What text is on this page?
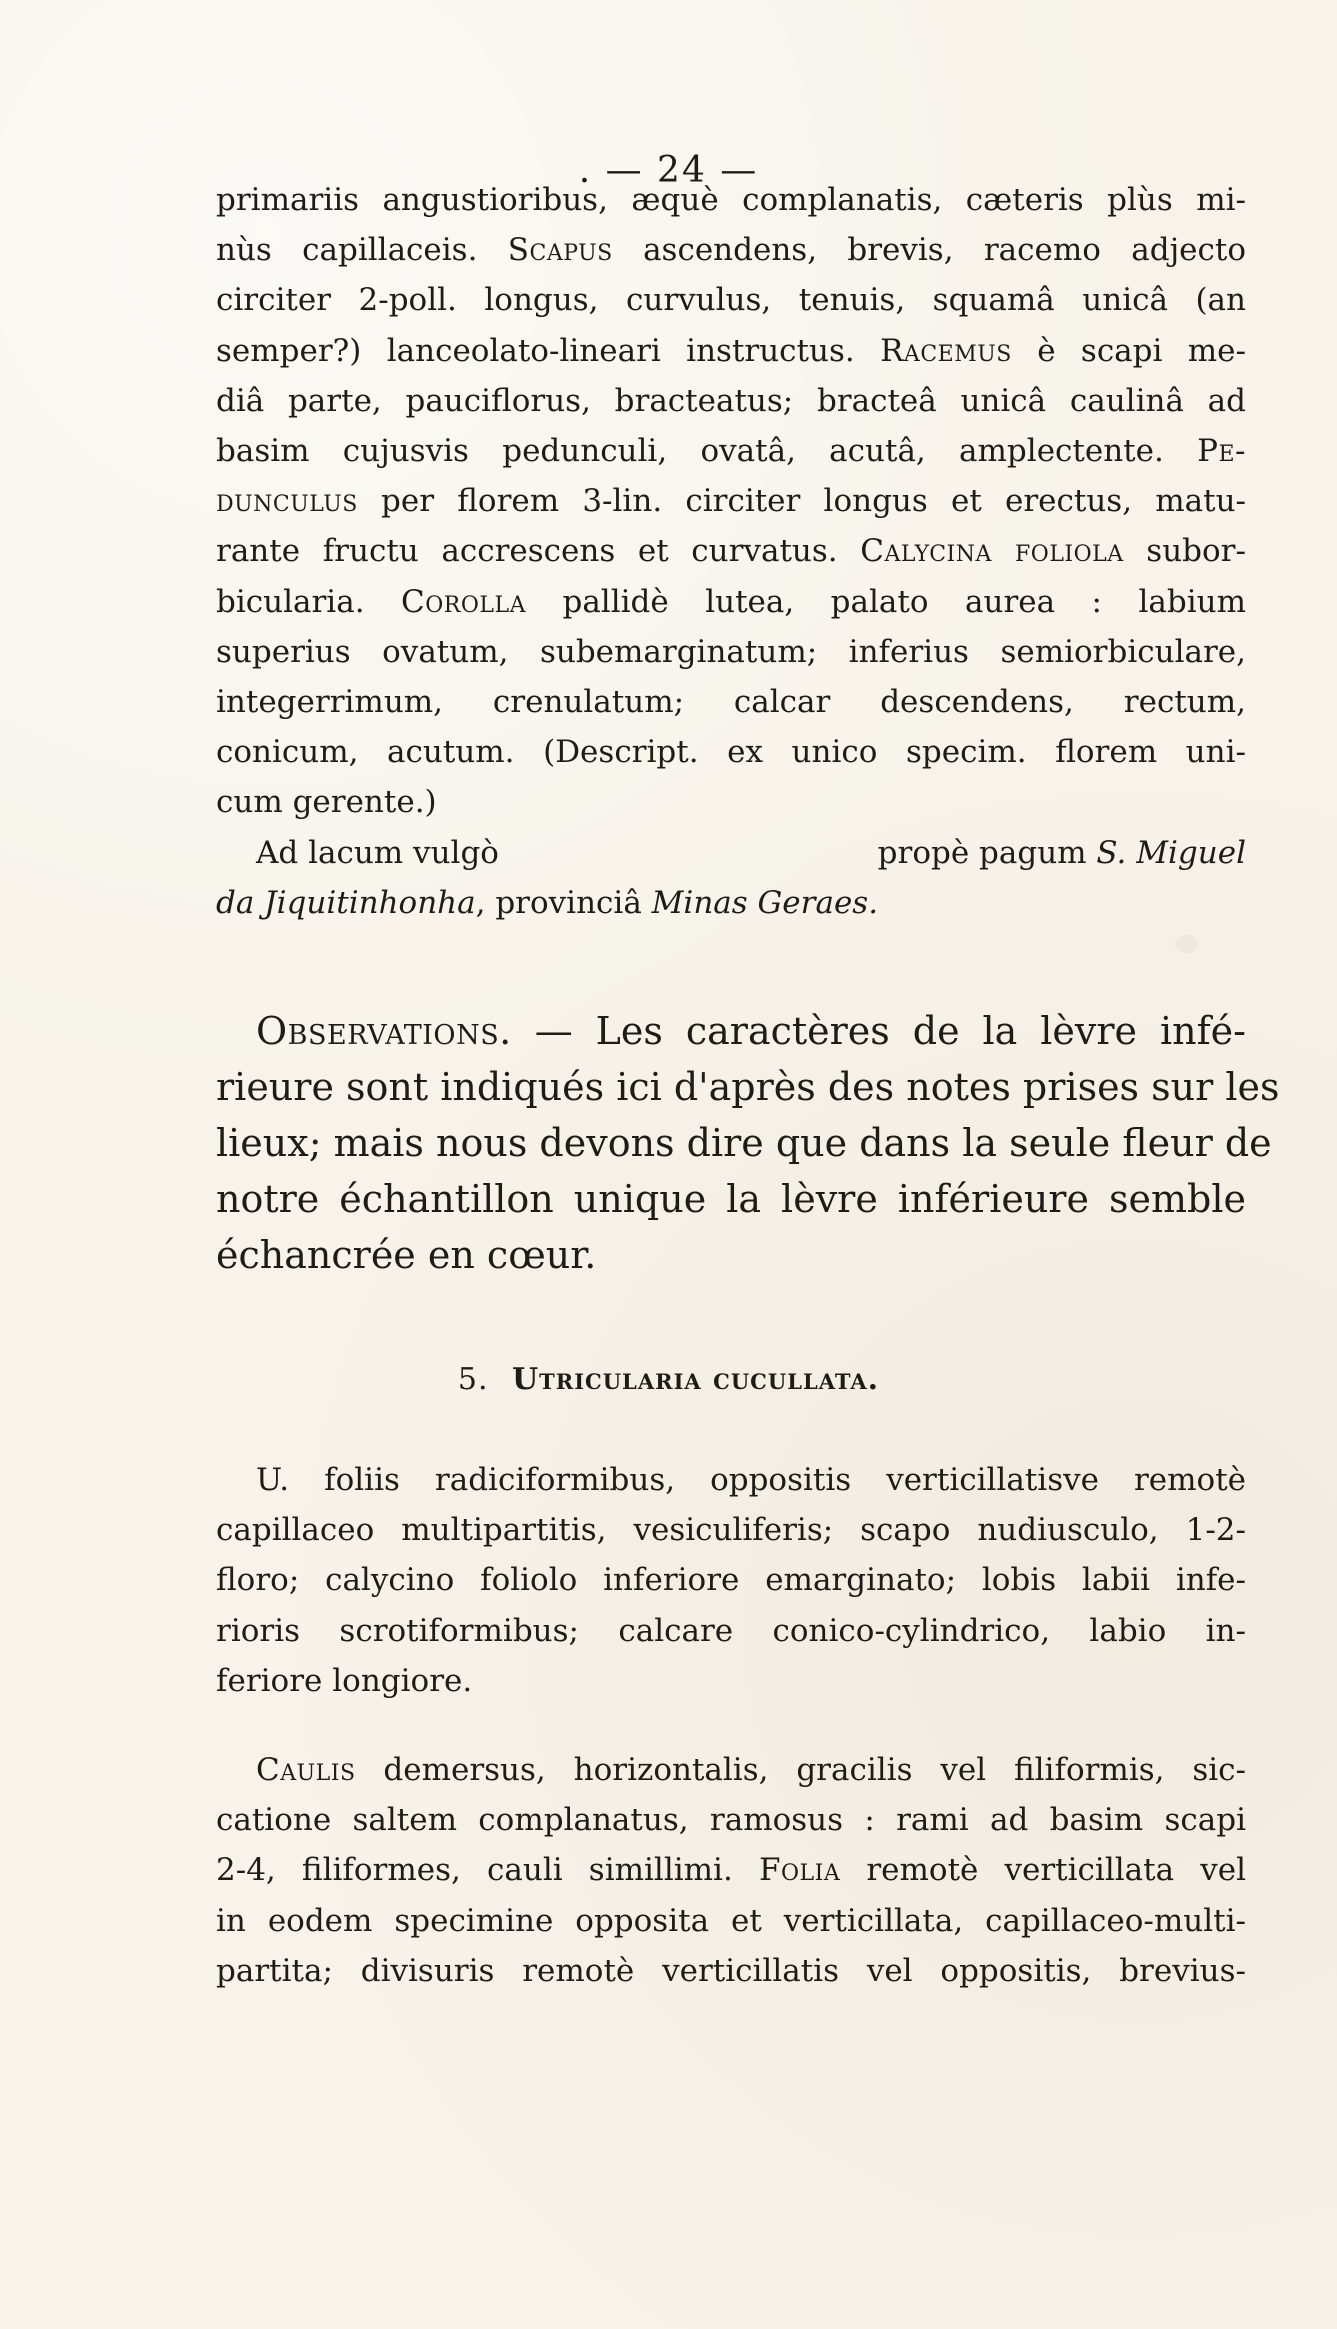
. — 24 —
primariis angustioribus, æquè complanatis, cæteris plùs mi-
nùs capillaceis. Scapus ascendens, brevis, racemo adjecto
circiter 2-poll. longus, curvulus, tenuis, squamâ unicâ (an
semper?) lanceolato-lineari instructus. Racemus è scapi me-
diâ parte, pauciflorus, bracteatus; bracteâ unicâ caulinâ ad
basim cujusvis pedunculi, ovatâ, acutâ, amplectente. Pe-
dunculus per florem 3-lin. circiter longus et erectus, matu-
rante fructu accrescens et curvatus. Calycina foliola subor-
bicularia. Corolla pallidè lutea, palato aurea : labium
superius ovatum, subemarginatum; inferius semiorbiculare,
integerrimum, crenulatum; calcar descendens, rectum,
conicum, acutum. (Descript. ex unico specim. florem uni-
cum gerente.)
Ad lacum vulgò	propè pagum S. Miguel
da Jiquitinhonha, provinciâ Minas Geraes.
Observations. — Les caractères de la lèvre infé-
rieure sont indiqués ici d'après des notes prises sur les
lieux; mais nous devons dire que dans la seule fleur de
notre échantillon unique la lèvre inférieure semble
échancrée en cœur.
5. Utricularia cucullata.
U. foliis radiciformibus, oppositis verticillatisve remotè
capillaceo multipartitis, vesiculiferis; scapo nudiusculo, 1-2-
floro; calycino foliolo inferiore emarginato; lobis labii infe-
rioris scrotiformibus; calcare conico-cylindrico, labio in-
feriore longiore.
Caulis demersus, horizontalis, gracilis vel filiformis, sic-
catione saltem complanatus, ramosus : rami ad basim scapi
2-4, filiformes, cauli simillimi. Folia remotè verticillata vel
in eodem specimine opposita et verticillata, capillaceo-multi-
partita; divisuris remotè verticillatis vel oppositis, brevius-
